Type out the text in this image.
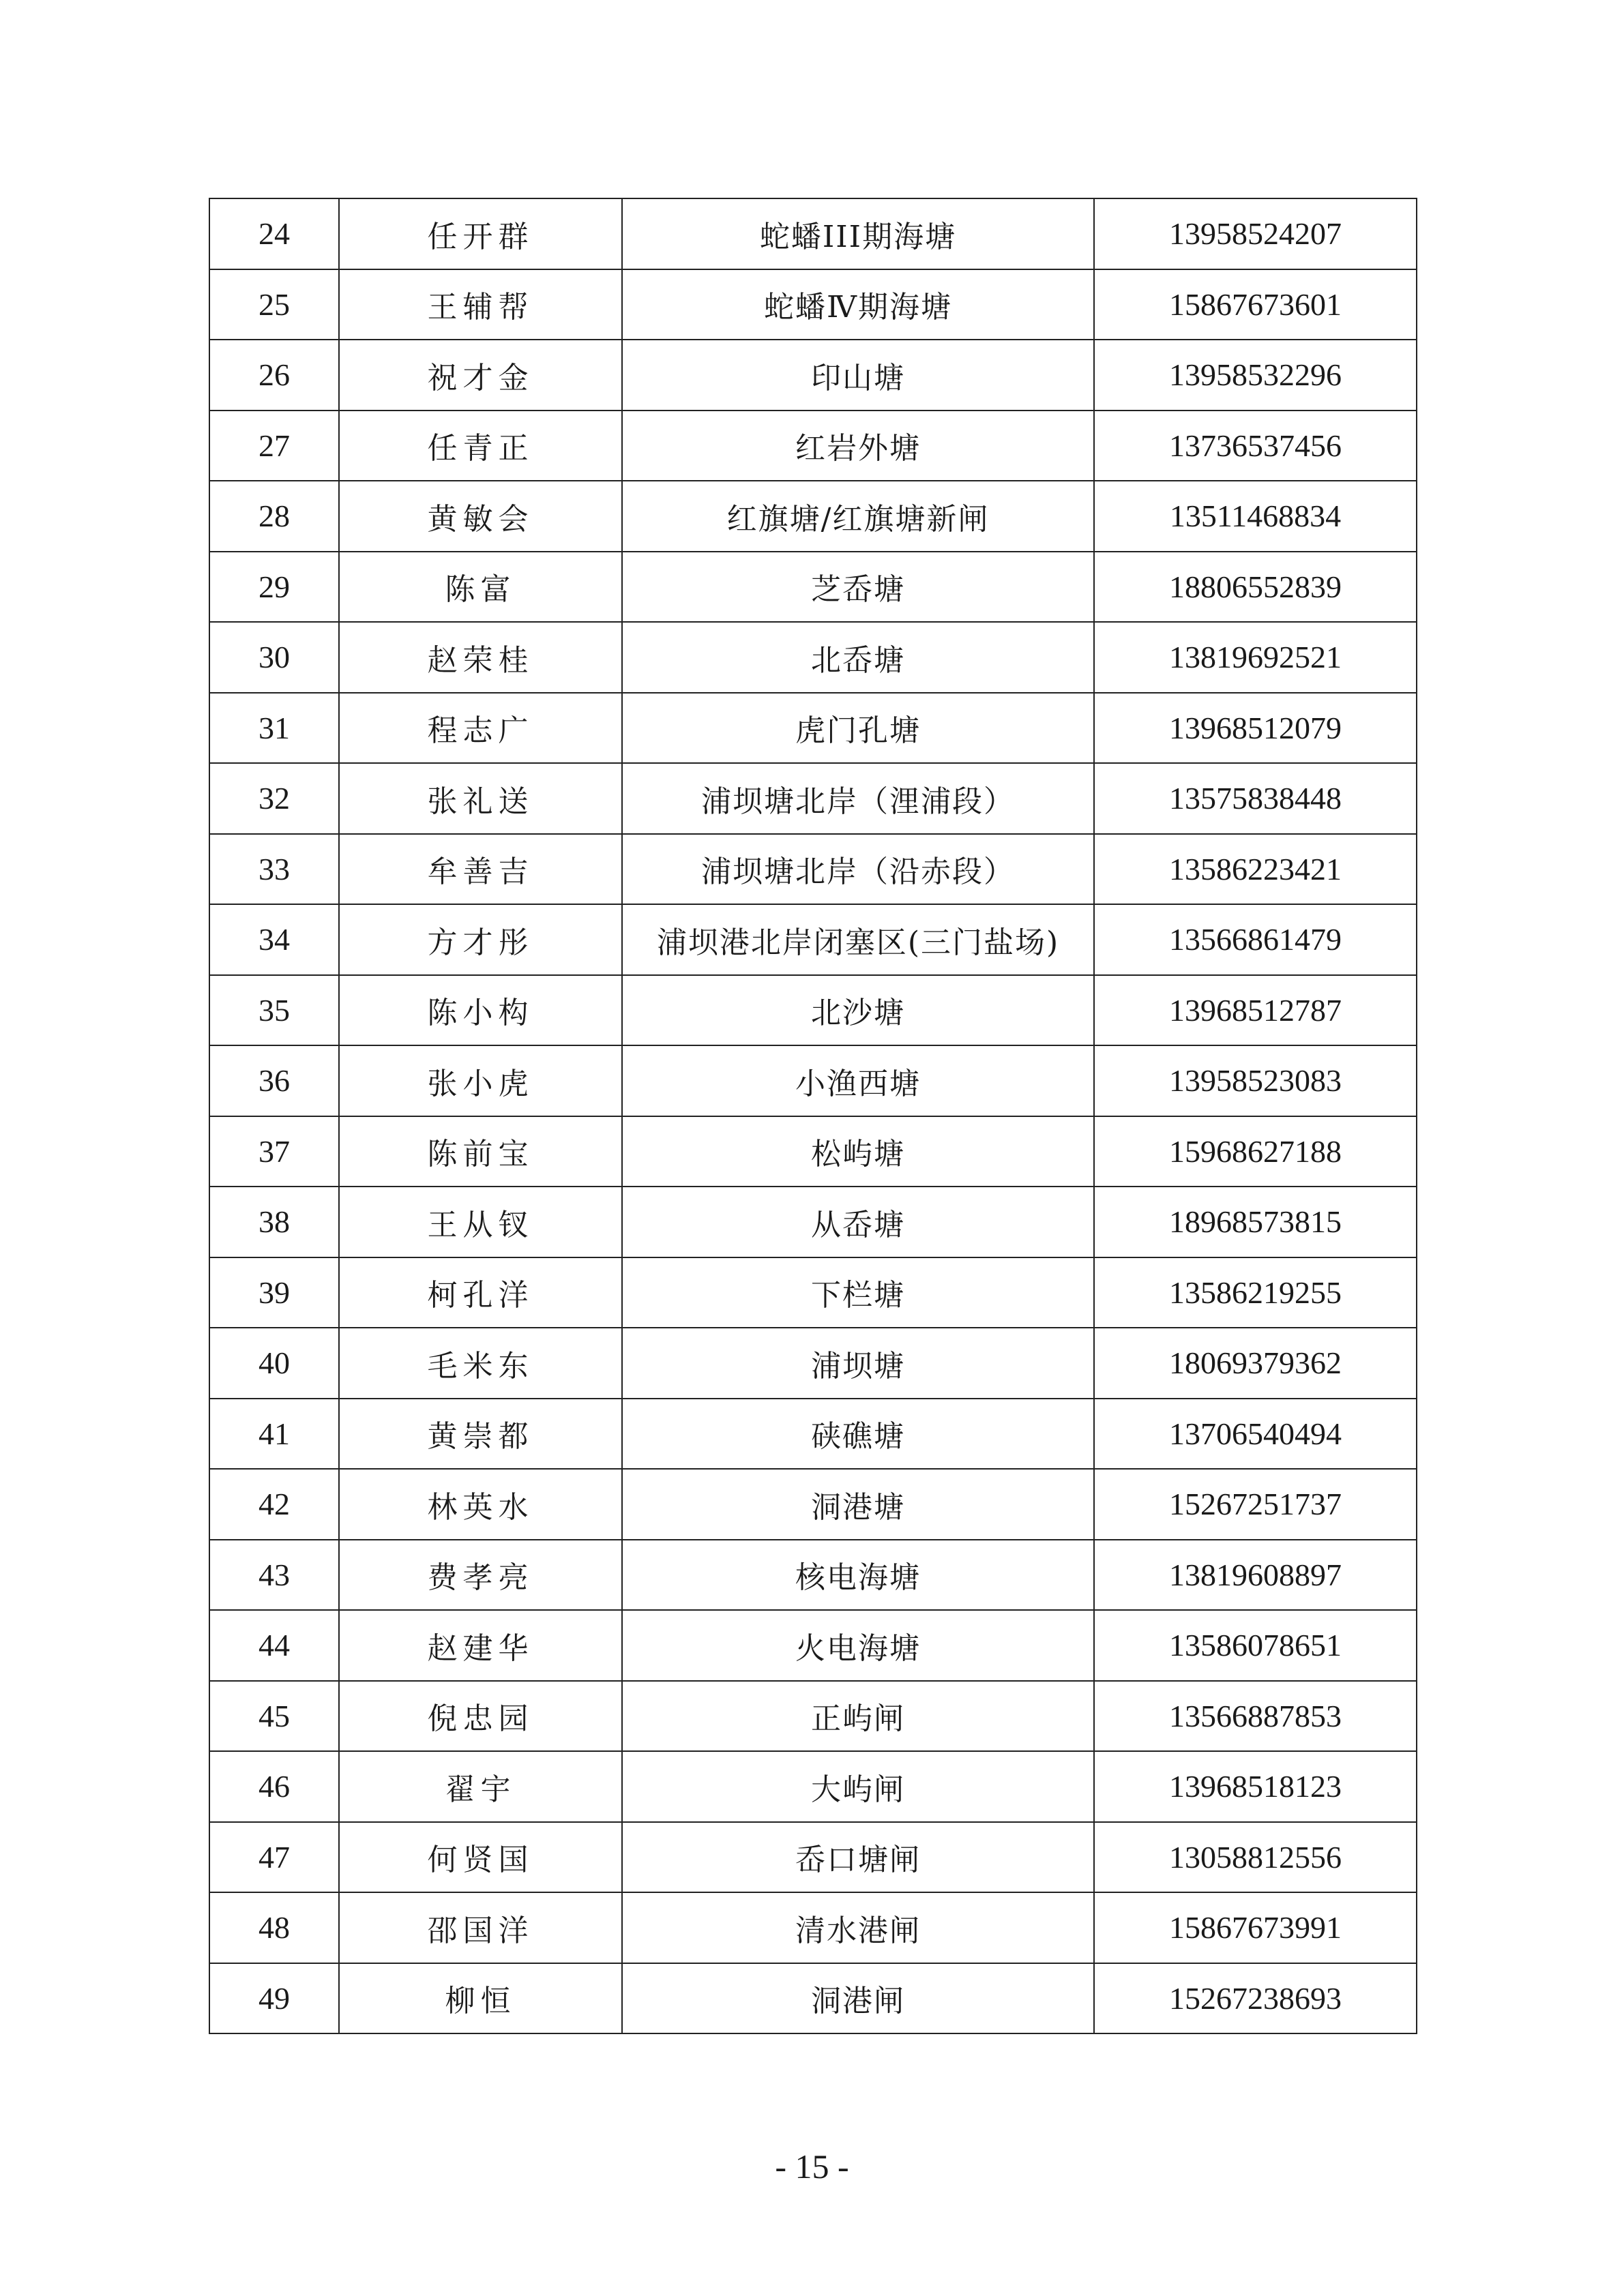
24	任开群	蛇蟠III期海塘	13958524207
25	王辅帮	蛇蟠Ⅳ期海塘	15867673601
26	祝才金	印山塘	13958532296
27	任青正	红岩外塘	13736537456
28	黄敏会	红旗塘/红旗塘新闸	13511468834
29	陈富	芝岙塘	18806552839
30	赵荣桂	北岙塘	13819692521
31	程志广	虎门孔塘	13968512079
32	张礼送	浦坝塘北岸（浬浦段）	13575838448
33	牟善吉	浦坝塘北岸（沿赤段）	13586223421
34	方才彤	浦坝港北岸闭塞区(三门盐场)	13566861479
35	陈小构	北沙塘	13968512787
36	张小虎	小渔西塘	13958523083
37	陈前宝	松屿塘	15968627188
38	王从钗	从岙塘	18968573815
39	柯孔洋	下栏塘	13586219255
40	毛米东	浦坝塘	18069379362
41	黄崇都	硖礁塘	13706540494
42	林英水	洞港塘	15267251737
43	费孝亮	核电海塘	13819608897
44	赵建华	火电海塘	13586078651
45	倪忠园	正屿闸	13566887853
46	翟宇	大屿闸	13968518123
47	何贤国	岙口塘闸	13058812556
48	邵国洋	清水港闸	15867673991
49	柳恒	洞港闸	15267238693
- 15 -
